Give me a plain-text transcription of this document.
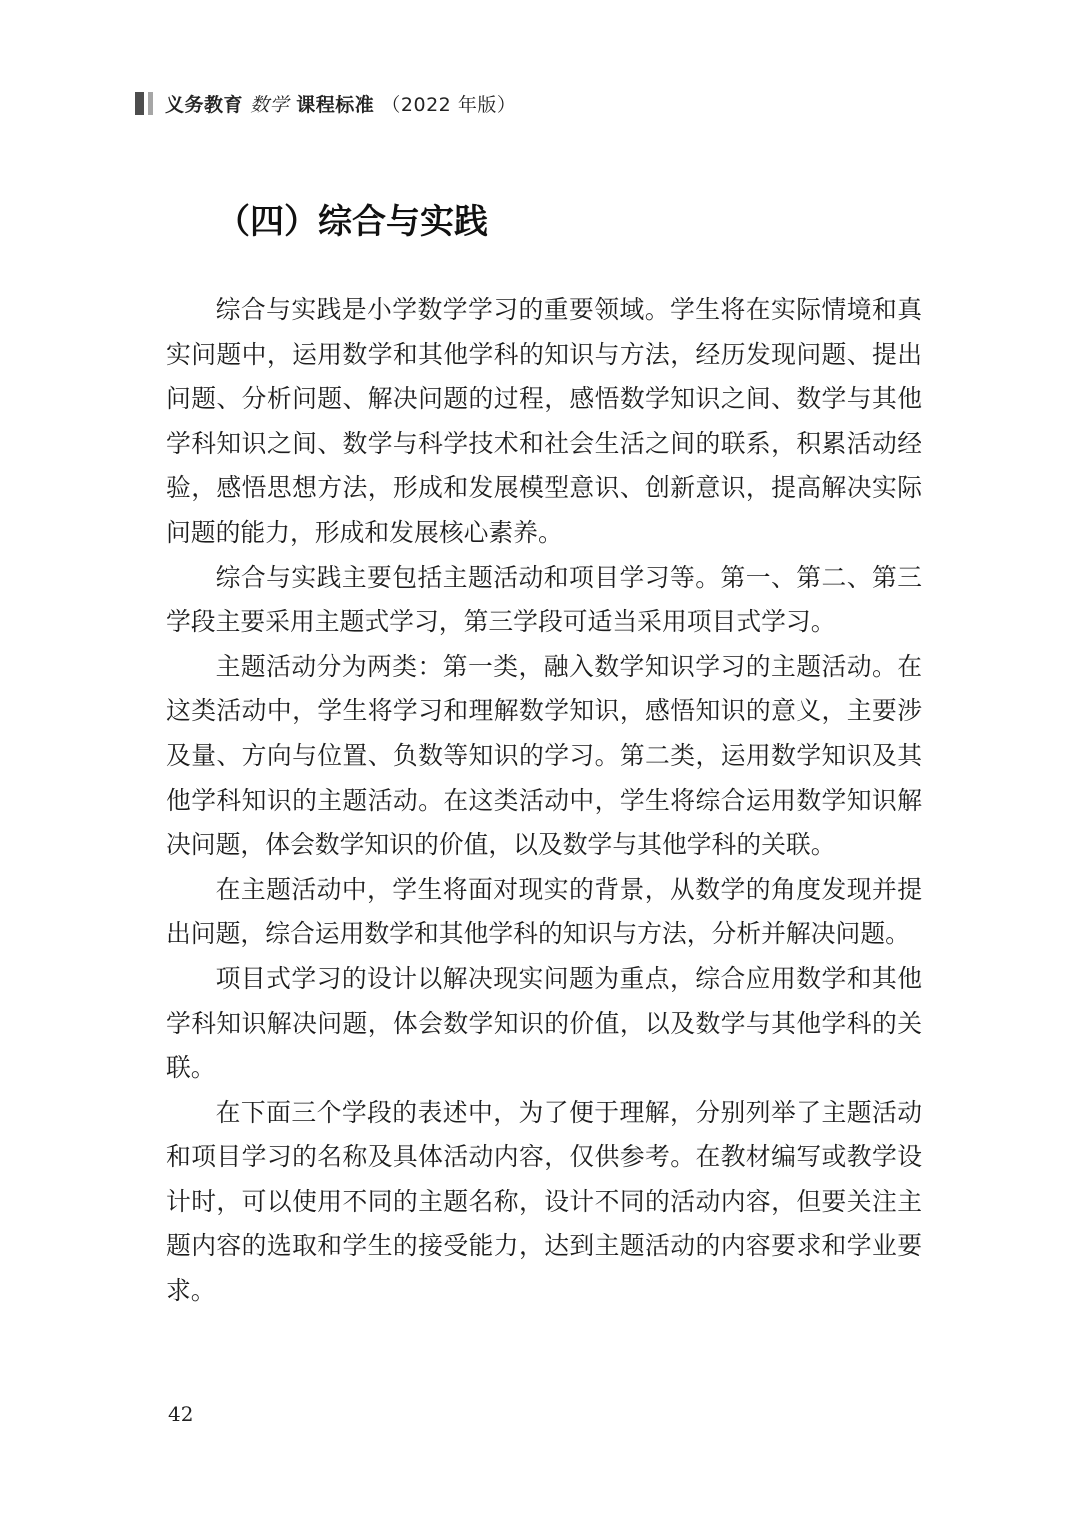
义务教育 数学 课程标准 （2022 年版）
（四）综合与实践

综合与实践是小学数学学习的重要领域。学生将在实际情境和真实问题中，运用数学和其他学科的知识与方法，经历发现问题、提出问题、分析问题、解决问题的过程，感悟数学知识之间、数学与其他学科知识之间、数学与科学技术和社会生活之间的联系，积累活动经验，感悟思想方法，形成和发展模型意识、创新意识，提高解决实际问题的能力，形成和发展核心素养。

综合与实践主要包括主题活动和项目学习等。第一、第二、第三学段主要采用主题式学习，第三学段可适当采用项目式学习。

主题活动分为两类：第一类，融入数学知识学习的主题活动。在这类活动中，学生将学习和理解数学知识，感悟知识的意义，主要涉及量、方向与位置、负数等知识的学习。第二类，运用数学知识及其他学科知识的主题活动。在这类活动中，学生将综合运用数学知识解决问题，体会数学知识的价值，以及数学与其他学科的关联。

在主题活动中，学生将面对现实的背景，从数学的角度发现并提出问题，综合运用数学和其他学科的知识与方法，分析并解决问题。

项目式学习的设计以解决现实问题为重点，综合应用数学和其他学科知识解决问题，体会数学知识的价值，以及数学与其他学科的关联。

在下面三个学段的表述中，为了便于理解，分别列举了主题活动和项目学习的名称及具体活动内容，仅供参考。在教材编写或教学设计时，可以使用不同的主题名称，设计不同的活动内容，但要关注主题内容的选取和学生的接受能力，达到主题活动的内容要求和学业要求。

42
